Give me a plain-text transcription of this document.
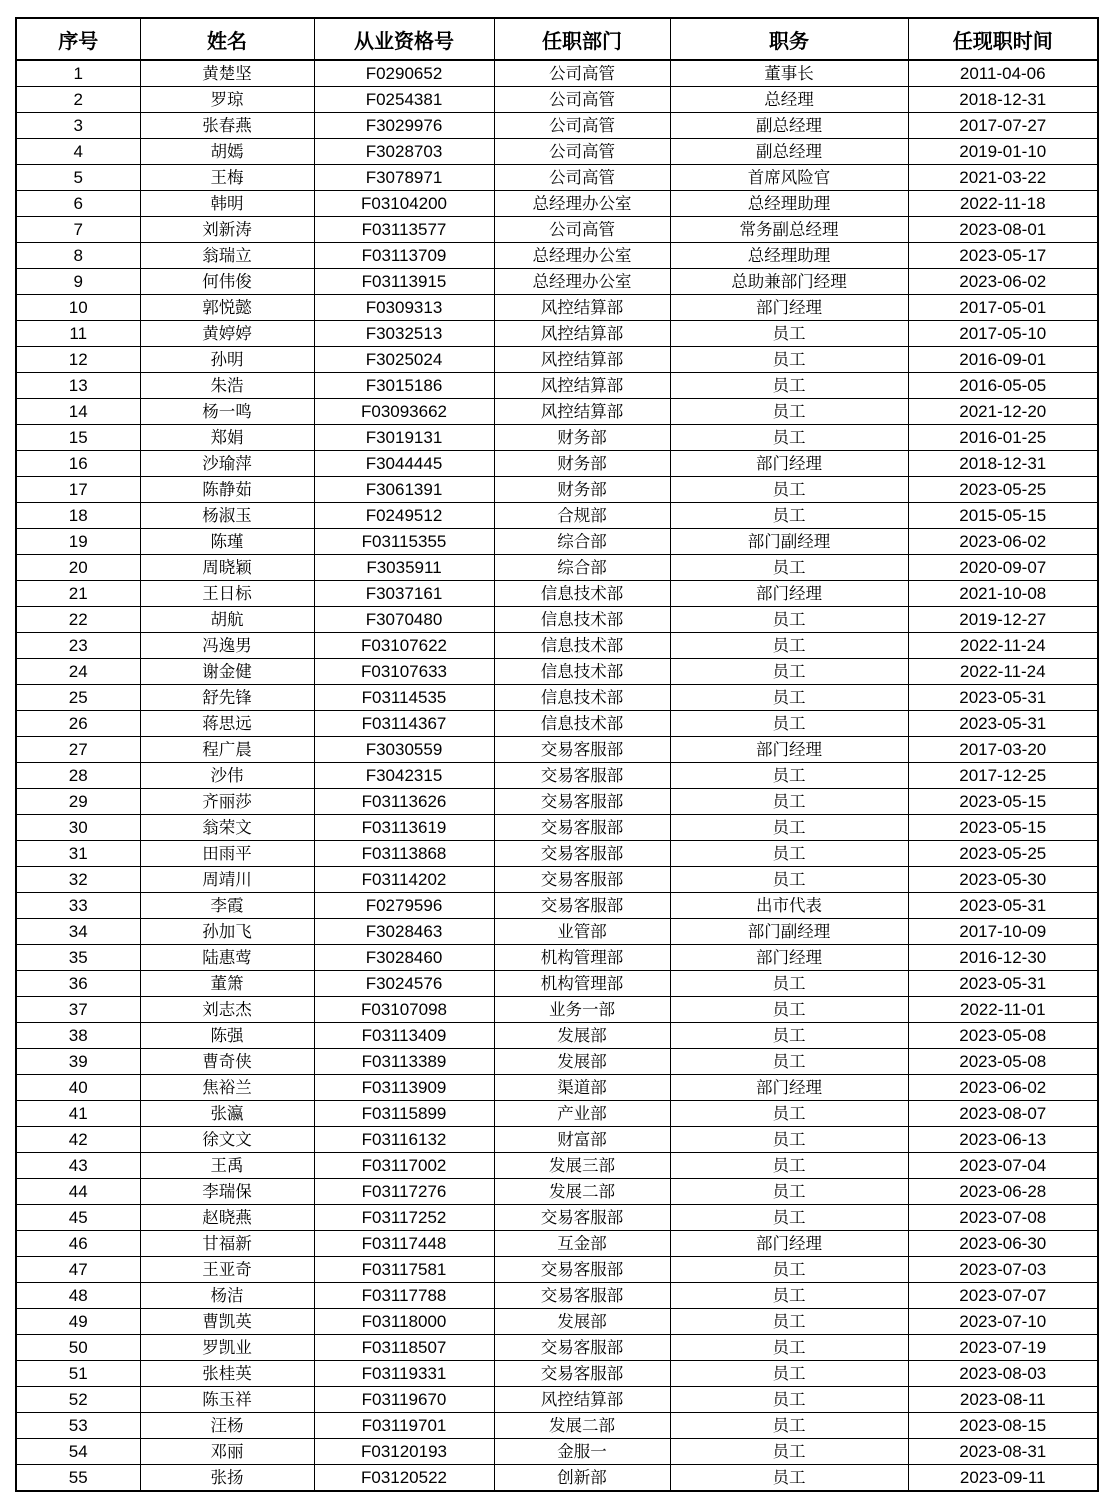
序号	姓名	从业资格号	任职部门	职务	任现职时间
1	黄楚坚	F0290652	公司高管	董事长	2011-04-06
2	罗琼	F0254381	公司高管	总经理	2018-12-31
3	张春燕	F3029976	公司高管	副总经理	2017-07-27
4	胡嫣	F3028703	公司高管	副总经理	2019-01-10
5	王梅	F3078971	公司高管	首席风险官	2021-03-22
6	韩明	F03104200	总经理办公室	总经理助理	2022-11-18
7	刘新涛	F03113577	公司高管	常务副总经理	2023-08-01
8	翁瑞立	F03113709	总经理办公室	总经理助理	2023-05-17
9	何伟俊	F03113915	总经理办公室	总助兼部门经理	2023-06-02
10	郭悦懿	F0309313	风控结算部	部门经理	2017-05-01
11	黄婷婷	F3032513	风控结算部	员工	2017-05-10
12	孙明	F3025024	风控结算部	员工	2016-09-01
13	朱浩	F3015186	风控结算部	员工	2016-05-05
14	杨一鸣	F03093662	风控结算部	员工	2021-12-20
15	郑娟	F3019131	财务部	员工	2016-01-25
16	沙瑜萍	F3044445	财务部	部门经理	2018-12-31
17	陈静茹	F3061391	财务部	员工	2023-05-25
18	杨淑玉	F0249512	合规部	员工	2015-05-15
19	陈瑾	F03115355	综合部	部门副经理	2023-06-02
20	周晓颖	F3035911	综合部	员工	2020-09-07
21	王日标	F3037161	信息技术部	部门经理	2021-10-08
22	胡航	F3070480	信息技术部	员工	2019-12-27
23	冯逸男	F03107622	信息技术部	员工	2022-11-24
24	谢金健	F03107633	信息技术部	员工	2022-11-24
25	舒先锋	F03114535	信息技术部	员工	2023-05-31
26	蒋思远	F03114367	信息技术部	员工	2023-05-31
27	程广晨	F3030559	交易客服部	部门经理	2017-03-20
28	沙伟	F3042315	交易客服部	员工	2017-12-25
29	齐丽莎	F03113626	交易客服部	员工	2023-05-15
30	翁荣文	F03113619	交易客服部	员工	2023-05-15
31	田雨平	F03113868	交易客服部	员工	2023-05-25
32	周靖川	F03114202	交易客服部	员工	2023-05-30
33	李霞	F0279596	交易客服部	出市代表	2023-05-31
34	孙加飞	F3028463	业管部	部门副经理	2017-10-09
35	陆惠莺	F3028460	机构管理部	部门经理	2016-12-30
36	董箫	F3024576	机构管理部	员工	2023-05-31
37	刘志杰	F03107098	业务一部	员工	2022-11-01
38	陈强	F03113409	发展部	员工	2023-05-08
39	曹奇侠	F03113389	发展部	员工	2023-05-08
40	焦裕兰	F03113909	渠道部	部门经理	2023-06-02
41	张瀛	F03115899	产业部	员工	2023-08-07
42	徐文文	F03116132	财富部	员工	2023-06-13
43	王禹	F03117002	发展三部	员工	2023-07-04
44	李瑞保	F03117276	发展二部	员工	2023-06-28
45	赵晓燕	F03117252	交易客服部	员工	2023-07-08
46	甘福新	F03117448	互金部	部门经理	2023-06-30
47	王亚奇	F03117581	交易客服部	员工	2023-07-03
48	杨洁	F03117788	交易客服部	员工	2023-07-07
49	曹凯英	F03118000	发展部	员工	2023-07-10
50	罗凯业	F03118507	交易客服部	员工	2023-07-19
51	张桂英	F03119331	交易客服部	员工	2023-08-03
52	陈玉祥	F03119670	风控结算部	员工	2023-08-11
53	汪杨	F03119701	发展二部	员工	2023-08-15
54	邓丽	F03120193	金服一	员工	2023-08-31
55	张扬	F03120522	创新部	员工	2023-09-11
